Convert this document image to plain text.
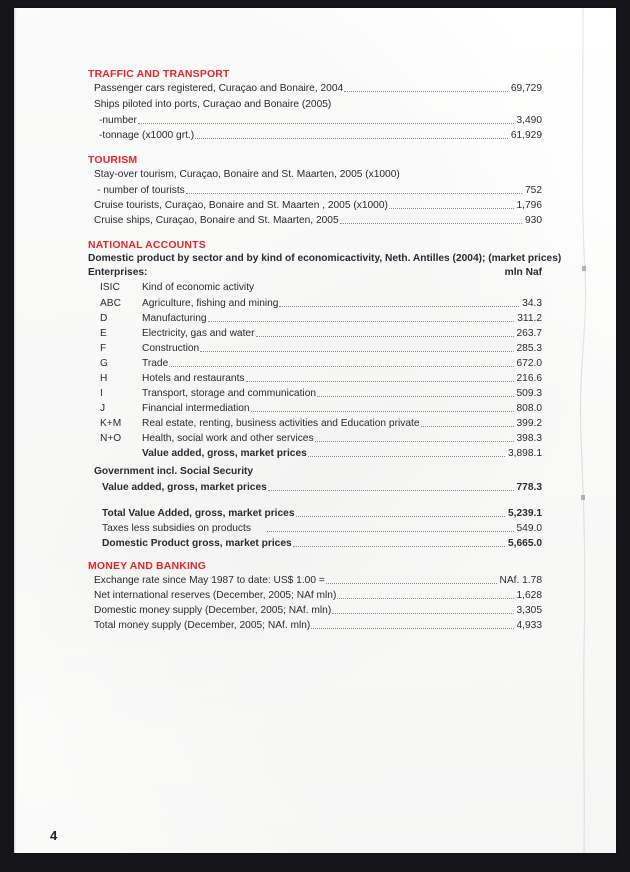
TRAFFIC AND TRANSPORT
Passenger cars registered, Curaçao and Bonaire, 2004	69,729
Ships piloted into ports, Curaçao and Bonaire (2005)
-number	3,490
-tonnage (x1000 grt.)	61,929
TOURISM
Stay-over tourism, Curaçao, Bonaire and St. Maarten, 2005 (x1000)
- number of tourists	752
Cruise tourists, Curaçao, Bonaire and St. Maarten , 2005 (x1000)	1,796
Cruise ships, Curaçao, Bonaire and St. Maarten, 2005	930
NATIONAL ACCOUNTS
Domestic product by sector and by kind of economicactivity, Neth. Antilles (2004); (market prices)
Enterprises:	mln Naf
ISIC	Kind of economic activity
ABC	Agriculture, fishing and mining	34.3
D	Manufacturing	311.2
E	Electricity, gas and water	263.7
F	Construction	285.3
G	Trade	672.0
H	Hotels and restaurants	216.6
I	Transport, storage and communication	509.3
J	Financial intermediation	808.0
K+M	Real estate, renting, business activities and Education private	399.2
N+O	Health, social work and other services	398.3
Value added, gross, market prices	3,898.1
Government incl. Social Security
Value added, gross, market prices	778.3
Total Value Added, gross, market prices	5,239.1
Taxes less subsidies on products	549.0
Domestic Product gross, market prices	5,665.0
MONEY AND BANKING
Exchange rate since May 1987 to date: US$ 1.00 =	NAf. 1.78
Net international reserves (December, 2005; NAf mln)	1,628
Domestic money supply (December, 2005; NAf. mln)	3,305
Total money supply (December, 2005; NAf. mln)	4,933
4
